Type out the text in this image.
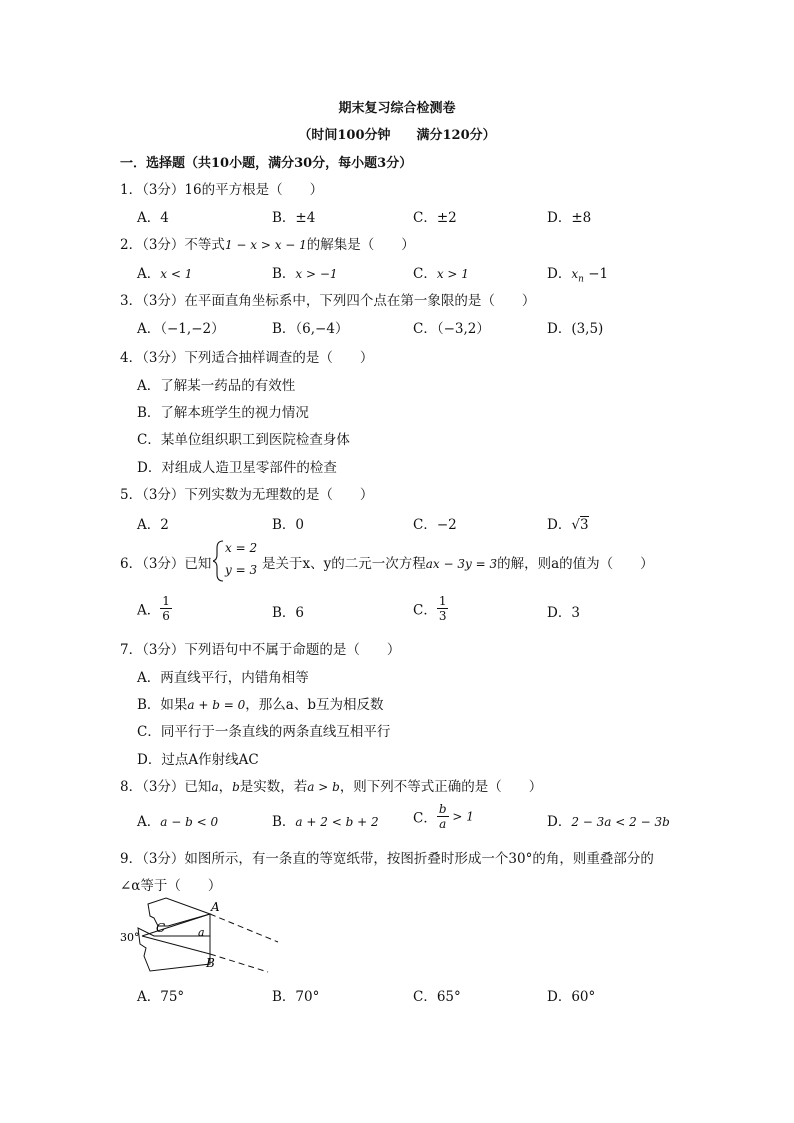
期末复习综合检测卷
（时间100分钟　　满分120分）
一．选择题（共10小题，满分30分，每小题3分）
1．（3分）16的平方根是（　　）
A．4	B．±4	C．±2	D．±8
2．（3分）不等式1 − x > x − 1的解集是（　　）
A．x < 1	B．x > −1	C．x > 1	D．$x_n -1$
3．（3分）在平面直角坐标系中，下列四个点在第一象限的是（　　）
A．（−1,−2）	B．（6,−4）	C．（−3,2）	D．(3,5)
4．（3分）下列适合抽样调查的是（　　）
A．了解某一药品的有效性
B．了解本班学生的视力情况
C．某单位组织职工到医院检查身体
D．对组成人造卫星零部件的检查
5．（3分）下列实数为无理数的是（　　）
A．2	B．0	C．−2	D．√3
6．（3分）已知
x = 2
y = 3 是关于x、y的二元一次方程ax − 3y = 3的解，则a的值为（　　）
A． $\frac{1}{6}$	B．6	C． $\frac{1}{3}$	D．3
7．（3分）下列语句中不属于命题的是（　　）
A．两直线平行，内错角相等
B．如果a + b = 0，那么a、b互为相反数
C．同平行于一条直线的两条直线互相平行
D．过点A作射线AC
8．（3分）已知a，b是实数，若a > b，则下列不等式正确的是（　　）
A．a − b < 0	B．a + 2 < b + 2	C． $\frac{b}{a} > 1$	D．2 − 3a < 2 − 3b
9．（3分）如图所示，有一条直的等宽纸带，按图折叠时形成一个30°的角，则重叠部分的
∠α等于（　　）
A
B
C	a
30°
A．75°	B．70°	C．65°	D．60°
